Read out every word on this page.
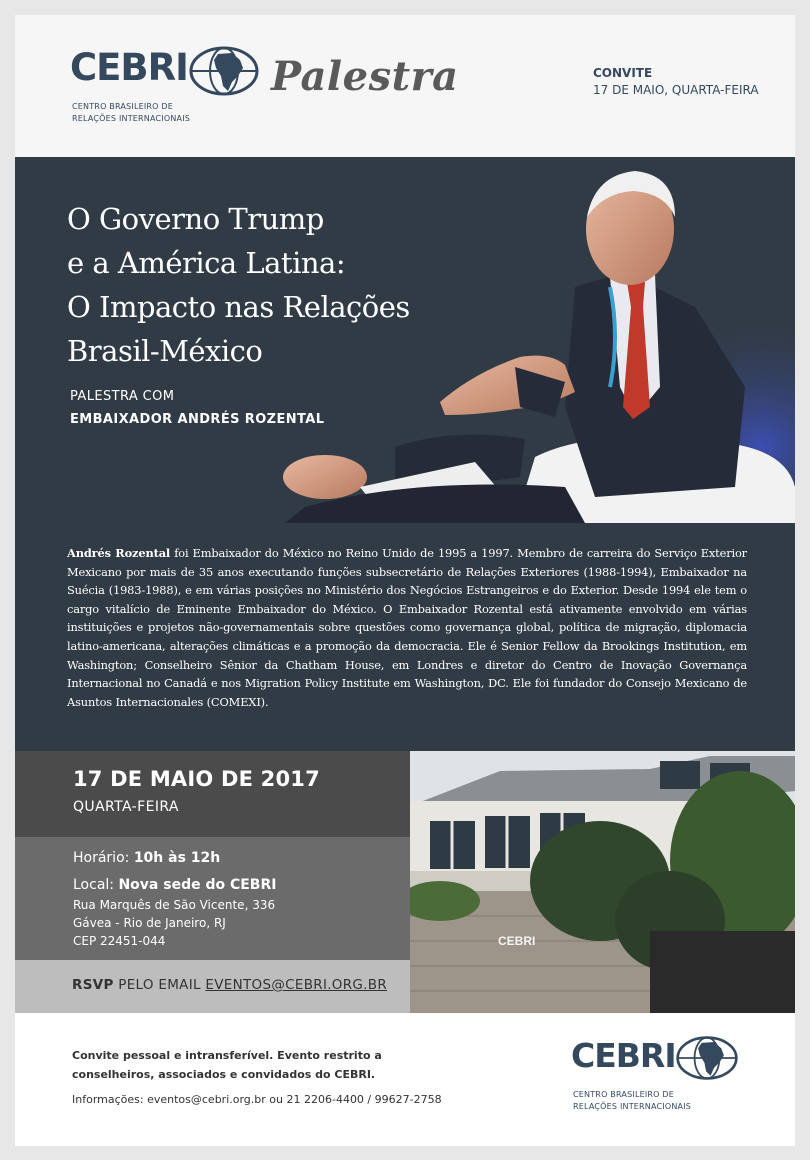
CEBRI
CENTRO BRASILEIRO DE
RELAÇÕES INTERNACIONAIS
Palestra	CONVITE
17 DE MAIO, QUARTA-FEIRA
O Governo Trump
e a América Latina:
O Impacto nas Relações
Brasil-México
PALESTRA COM
EMBAIXADOR ANDRÉS ROZENTAL

Andrés Rozental foi Embaixador do México no Reino Unido de 1995 a 1997. Membro de carreira do Serviço Exterior Mexicano por mais de 35 anos executando funções subsecretário de Relações Exteriores (1988-1994), Embaixador na Suécia (1983-1988), e em várias posições no Ministério dos Negócios Estrangeiros e do Exterior. Desde 1994 ele tem o cargo vitalício de Eminente Embaixador do México. O Embaixador Rozental está ativamente envolvido em várias instituições e projetos não-governamentais sobre questões como governança global, política de migração, diplomacia latino-americana, alterações climáticas e a promoção da democracia. Ele é Senior Fellow da Brookings Institution, em Washington; Conselheiro Sênior da Chatham House, em Londres e diretor do Centro de Inovação Governança Internacional no Canadá e nos Migration Policy Institute em Washington, DC. Ele foi fundador do Consejo Mexicano de Asuntos Internacionales (COMEXI).

17 DE MAIO DE 2017
QUARTA-FEIRA
Horário: 10h às 12h
Local: Nova sede do CEBRI
Rua Marquês de São Vicente, 336
Gávea - Rio de Janeiro, RJ
CEP 22451-044
RSVP PELO EMAIL EVENTOS@CEBRI.ORG.BR
CEBRI
Convite pessoal e intransferível. Evento restrito a conselheiros, associados e convidados do CEBRI.
Informações: eventos@cebri.org.br ou 21 2206-4400 / 99627-2758
CEBRI
CENTRO BRASILEIRO DE
RELAÇÕES INTERNACIONAIS
